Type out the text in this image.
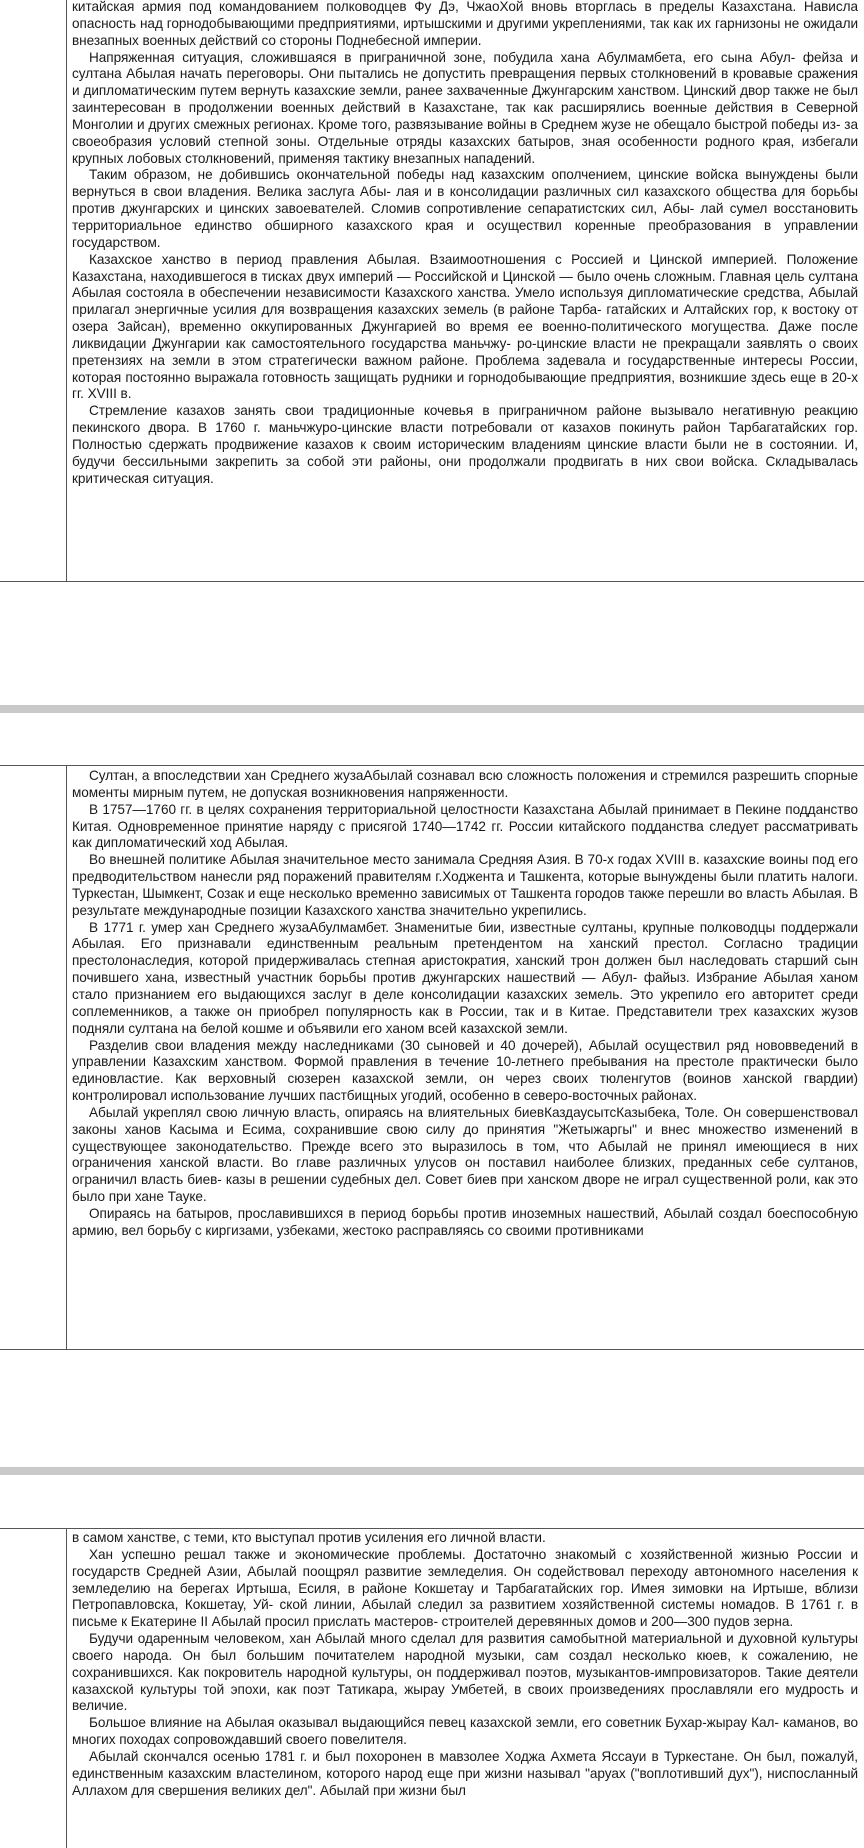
китайская армия под командованием полководцев Фу Дэ, ЧжаоХой вновь вторглась в пределы Казахстана. Нависла опасность над горнодобывающими предприятиями, иртышскими и другими укреплениями, так как их гарнизоны не ожидали внезапных военных действий со стороны Поднебесной империи.

Напряженная ситуация, сложившаяся в приграничной зоне, побудила хана Абулмамбета, его сына Абул- фейза и султана Абылая начать переговоры. Они пытались не допустить превращения первых столкновений в кровавые сражения и дипломатическим путем вернуть казахские земли, ранее захваченные Джунгарским ханством. Цинский двор также не был заинтересован в продолжении военных действий в Казахстане, так как расширялись военные действия в Северной Монголии и других смежных регионах. Кроме того, развязывание войны в Среднем жузе не обещало быстрой победы из- за своеобразия условий степной зоны. Отдельные отряды казахских батыров, зная особенности родного края, избегали крупных лобовых столкновений, применяя тактику внезапных нападений.

Таким образом, не добившись окончательной победы над казахским ополчением, цинские войска вынуждены были вернуться в свои владения. Велика заслуга Абы- лая и в консолидации различных сил казахского общества для борьбы против джунгарских и цинских завоевателей. Сломив сопротивление сепаратистских сил, Абы- лай сумел восстановить территориальное единство обширного казахского края и осуществил коренные преобразования в управлении государством.

Казахское ханство в период правления Абылая. Взаимоотношения с Россией и Цинской империей. Положение Казахстана, находившегося в тисках двух империй — Российской и Цинской — было очень сложным. Главная цель султана Абылая состояла в обеспечении независимости Казахского ханства. Умело используя дипломатические средства, Абылай прилагал энергичные усилия для возвращения казахских земель (в районе Тарба- гатайских и Алтайских гор, к востоку от озера Зайсан), временно оккупированных Джунгарией во время ее военно-политического могущества. Даже после ликвидации Джунгарии как самостоятельного государства маньчжу- ро-цинские власти не прекращали заявлять о своих претензиях на земли в этом стратегически важном районе. Проблема задевала и государственные интересы России, которая постоянно выражала готовность защищать рудники и горнодобывающие предприятия, возникшие здесь еще в 20-х гг. XVIII в.

Стремление казахов занять свои традиционные кочевья в приграничном районе вызывало негативную реакцию пекинского двора. В 1760 г. маньчжуро-цинские власти потребовали от казахов покинуть район Тарбагатайских гор. Полностью сдержать продвижение казахов к своим историческим владениям цинские власти были не в состоянии. И, будучи бессильными закрепить за собой эти районы, они продолжали продвигать в них свои войска. Складывалась критическая ситуация.

Султан, а впоследствии хан Среднего жузаАбылай сознавал всю сложность положения и стремился разрешить спорные моменты мирным путем, не допуская возникновения напряженности.

В 1757—1760 гг. в целях сохранения территориальной целостности Казахстана Абылай принимает в Пекине подданство Китая. Одновременное принятие наряду с присягой 1740—1742 гг. России китайского подданства следует рассматривать как дипломатический ход Абылая.

Во внешней политике Абылая значительное место занимала Средняя Азия. В 70-х годах XVIII в. казахские воины под его предводительством нанесли ряд поражений правителям г.Ходжента и Ташкента, которые вынуждены были платить налоги. Туркестан, Шымкент, Созак и еще несколько временно зависимых от Ташкента городов также перешли во власть Абылая. В результате международные позиции Казахского ханства значительно укрепились.

В 1771 г. умер хан Среднего жузаАбулмамбет. Знаменитые бии, известные султаны, крупные полководцы поддержали Абылая. Его признавали единственным реальным претендентом на ханский престол. Согласно традиции престолонаследия, которой придерживалась степная аристократия, ханский трон должен был наследовать старший сын почившего хана, известный участник борьбы против джунгарских нашествий — Абул- файыз. Избрание Абылая ханом стало признанием его выдающихся заслуг в деле консолидации казахских земель. Это укрепило его авторитет среди соплеменников, а также он приобрел популярность как в России, так и в Китае. Представители трех казахских жузов подняли султана на белой кошме и объявили его ханом всей казахской земли.

Разделив свои владения между наследниками (30 сыновей и 40 дочерей), Абылай осуществил ряд нововведений в управлении Казахским ханством. Формой правления в течение 10-летнего пребывания на престоле практически было единовластие. Как верховный сюзерен казахской земли, он через своих тюленгутов (воинов ханской гвардии) контролировал использование лучших пастбищных угодий, особенно в северо-восточных районах.

Абылай укреплял свою личную власть, опираясь на влиятельных биевКаздаусытсКазыбека, Толе. Он совершенствовал законы ханов Касыма и Есима, сохранившие свою силу до принятия "Жетыжаргы" и внес множество изменений в существующее законодательство. Прежде всего это выразилось в том, что Абылай не принял имеющиеся в них ограничения ханской власти. Во главе различных улусов он поставил наиболее близких, преданных себе султанов, ограничил власть биев- казы в решении судебных дел. Совет биев при ханском дворе не играл существенной роли, как это было при хане Тауке.

Опираясь на батыров, прославившихся в период борьбы против иноземных нашествий, Абылай создал боеспособную армию, вел борьбу с киргизами, узбеками, жестоко расправляясь со своими противниками

в самом ханстве, с теми, кто выступал против усиления его личной власти.

Хан успешно решал также и экономические проблемы. Достаточно знакомый с хозяйственной жизнью России и государств Средней Азии, Абылай поощрял развитие земледелия. Он содействовал переходу автономного населения к земледелию на берегах Иртыша, Есиля, в районе Кокшетау и Тарбагатайских гор. Имея зимовки на Иртыше, вблизи Петропавловска, Кокшетау, Уй- ской линии, Абылай следил за развитием хозяйственной системы номадов. В 1761 г. в письме к Екатерине II Абылай просил прислать мастеров- строителей деревянных домов и 200—300 пудов зерна.

Будучи одаренным человеком, хан Абылай много сделал для развития самобытной материальной и духовной культуры своего народа. Он был большим почитателем народной музыки, сам создал несколько кюев, к сожалению, не сохранившихся. Как покровитель народной культуры, он поддерживал поэтов, музыкантов-импровизаторов. Такие деятели казахской культуры той эпохи, как поэт Татикара, жырау Умбетей, в своих произведениях прославляли его мудрость и величие.

Большое влияние на Абылая оказывал выдающийся певец казахской земли, его советник Бухар-жырау Кал- каманов, во многих походах сопровождавший своего повелителя.

Абылай скончался осенью 1781 г. и был похоронен в мавзолее Ходжа Ахмета Яссауи в Туркестане. Он был, пожалуй, единственным казахским властелином, которого народ еще при жизни называл "аруах ("воплотивший дух"), ниспосланный Аллахом для свершения великих дел". Абылай при жизни был
